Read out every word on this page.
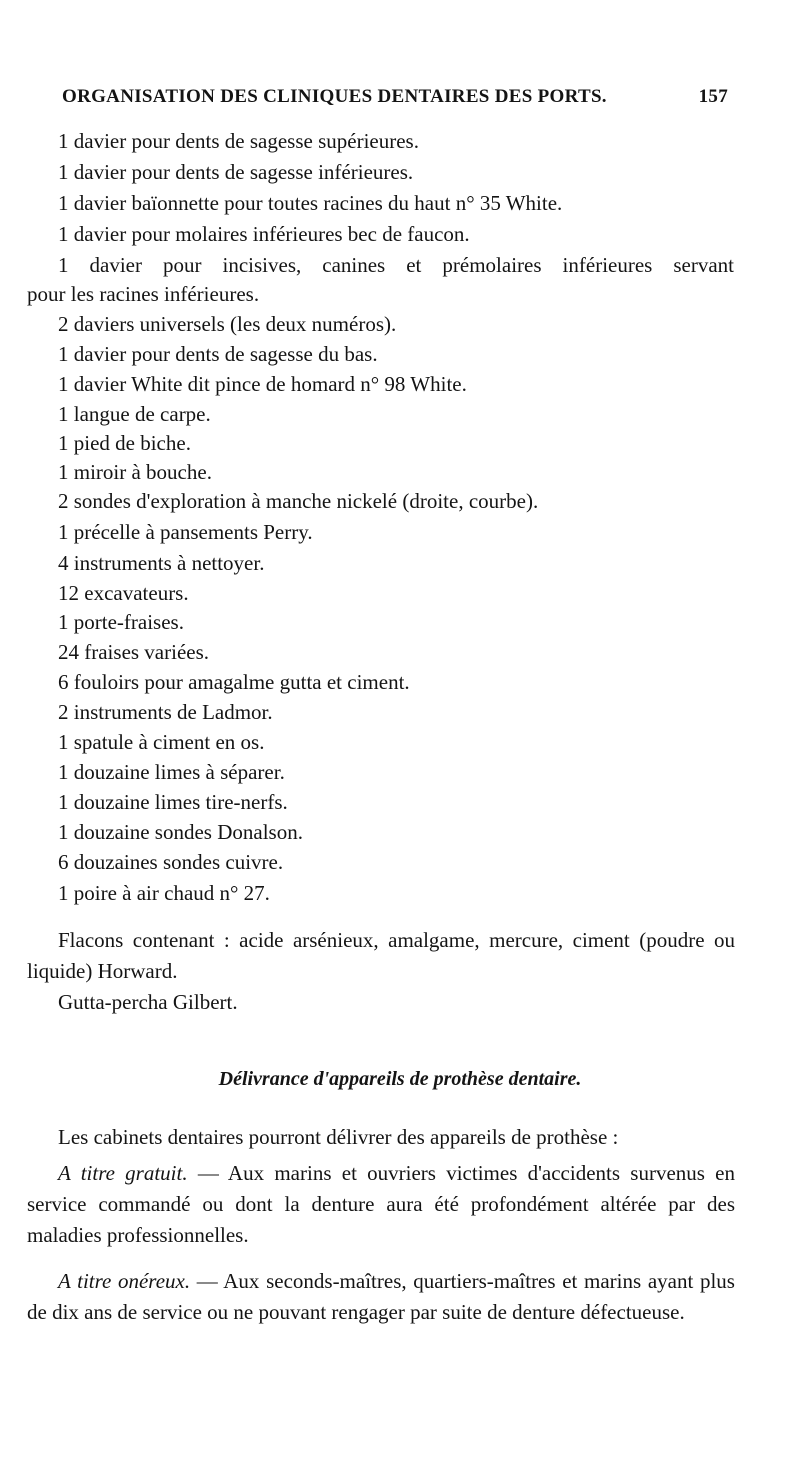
ORGANISATION DES CLINIQUES DENTAIRES DES PORTS.	157
1 davier pour dents de sagesse supérieures.
1 davier pour dents de sagesse inférieures.
1 davier baïonnette pour toutes racines du haut n° 35 White.
1 davier pour molaires inférieures bec de faucon.
1 davier pour incisives, canines et prémolaires inférieures servant
pour les racines inférieures.
2 daviers universels (les deux numéros).
1 davier pour dents de sagesse du bas.
1 davier White dit pince de homard n° 98 White.
1 langue de carpe.
1 pied de biche.
1 miroir à bouche.
2 sondes d'exploration à manche nickelé (droite, courbe).
1 précelle à pansements Perry.
4 instruments à nettoyer.
12 excavateurs.
1 porte-fraises.
24 fraises variées.
6 fouloirs pour amagalme gutta et ciment.
2 instruments de Ladmor.
1 spatule à ciment en os.
1 douzaine limes à séparer.
1 douzaine limes tire-nerfs.
1 douzaine sondes Donalson.
6 douzaines sondes cuivre.
1 poire à air chaud n° 27.
Flacons contenant : acide arsénieux, amalgame, mercure, ciment (poudre ou liquide) Horward.
Gutta-percha Gilbert.
Délivrance d'appareils de prothèse dentaire.
Les cabinets dentaires pourront délivrer des appareils de prothèse :
A titre gratuit. — Aux marins et ouvriers victimes d'accidents survenus en service commandé ou dont la denture aura été profondément altérée par des maladies professionnelles.
A titre onéreux. — Aux seconds-maîtres, quartiers-maîtres et marins ayant plus de dix ans de service ou ne pouvant rengager par suite de denture défectueuse.
